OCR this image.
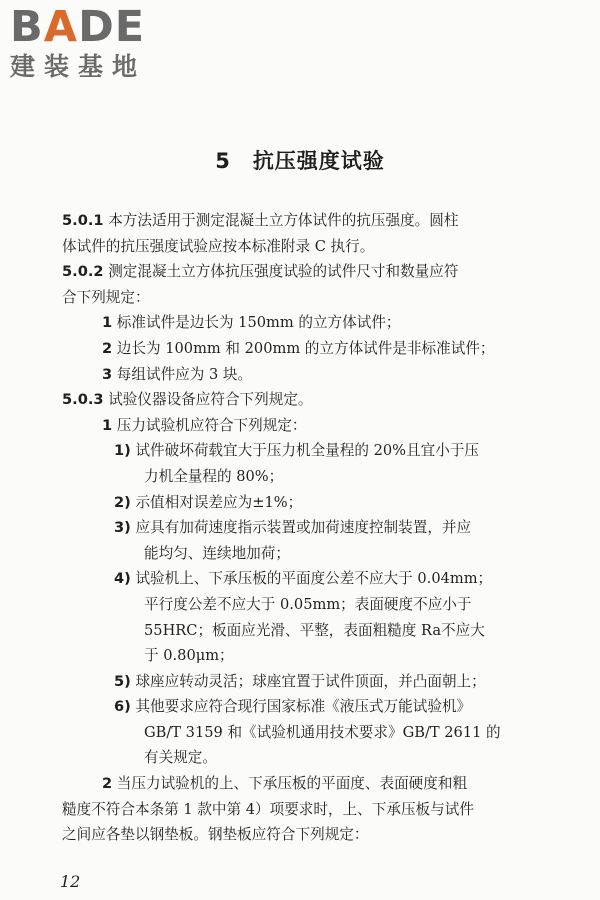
BADE
建装基地
5 抗压强度试验
5.0.1 本方法适用于测定混凝土立方体试件的抗压强度。圆柱
体试件的抗压强度试验应按本标准附录 C 执行。
5.0.2 测定混凝土立方体抗压强度试验的试件尺寸和数量应符
合下列规定：
1 标准试件是边长为 150mm 的立方体试件；
2 边长为 100mm 和 200mm 的立方体试件是非标准试件；
3 每组试件应为 3 块。
5.0.3 试验仪器设备应符合下列规定。
1 压力试验机应符合下列规定：
1) 试件破坏荷载宜大于压力机全量程的 20%且宜小于压
力机全量程的 80%；
2) 示值相对误差应为±1%；
3) 应具有加荷速度指示装置或加荷速度控制装置，并应
能均匀、连续地加荷；
4) 试验机上、下承压板的平面度公差不应大于 0.04mm；
平行度公差不应大于 0.05mm；表面硬度不应小于
55HRC；板面应光滑、平整，表面粗糙度 Ra不应大
于 0.80μm；
5) 球座应转动灵活；球座宜置于试件顶面，并凸面朝上；
6) 其他要求应符合现行国家标准《液压式万能试验机》
GB/T 3159 和《试验机通用技术要求》GB/T 2611 的
有关规定。
2 当压力试验机的上、下承压板的平面度、表面硬度和粗
糙度不符合本条第 1 款中第 4）项要求时，上、下承压板与试件
之间应各垫以钢垫板。钢垫板应符合下列规定：
12
